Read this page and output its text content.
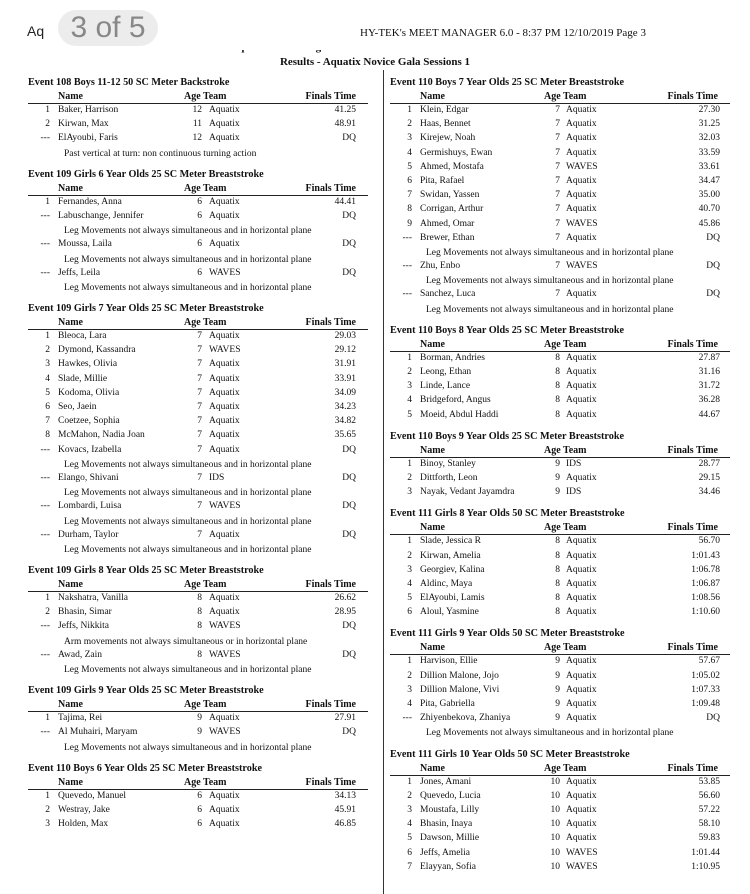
Aq 3 of 5	HY-TEK's MEET MANAGER 6.0 - 8:37 PM 12/10/2019 Page 3
Results - Aquatix Novice Gala Sessions 1
Event 108 Boys 11-12 50 SC Meter Backstroke
Name	Age Team	Finals Time
1 Baker, Harrison	12 Aquatix	41.25
2 Kirwan, Max	11 Aquatix	48.91
--- ElAyoubi, Faris	12 Aquatix	DQ
Past vertical at turn: non continuous turning action
Event 109 Girls 6 Year Olds 25 SC Meter Breaststroke
Name	Age Team	Finals Time
1 Fernandes, Anna	6 Aquatix	44.41
--- Labuschange, Jennifer	6 Aquatix	DQ
Leg Movements not always simultaneous and in horizontal plane
--- Moussa, Laila	6 Aquatix	DQ
Leg Movements not always simultaneous and in horizontal plane
--- Jeffs, Leila	6 WAVES	DQ
Leg Movements not always simultaneous and in horizontal plane
Event 109 Girls 7 Year Olds 25 SC Meter Breaststroke
Name	Age Team	Finals Time
1 Bleoca, Lara	7 Aquatix	29.03
2 Dymond, Kassandra	7 WAVES	29.12
3 Hawkes, Olivia	7 Aquatix	31.91
4 Slade, Millie	7 Aquatix	33.91
5 Kodoma, Olivia	7 Aquatix	34.09
6 Seo, Jaein	7 Aquatix	34.23
7 Coetzee, Sophia	7 Aquatix	34.82
8 McMahon, Nadia Joan	7 Aquatix	35.65
--- Kovacs, Izabella	7 Aquatix	DQ
Leg Movements not always simultaneous and in horizontal plane
--- Elango, Shivani	7 IDS	DQ
Leg Movements not always simultaneous and in horizontal plane
--- Lombardi, Luisa	7 WAVES	DQ
Leg Movements not always simultaneous and in horizontal plane
--- Durham, Taylor	7 Aquatix	DQ
Leg Movements not always simultaneous and in horizontal plane
Event 109 Girls 8 Year Olds 25 SC Meter Breaststroke
Name	Age Team	Finals Time
1 Nakshatra, Vanilla	8 Aquatix	26.62
2 Bhasin, Simar	8 Aquatix	28.95
--- Jeffs, Nikkita	8 WAVES	DQ
Arm movements not always simultaneous or in horizontal plane
--- Awad, Zain	8 WAVES	DQ
Leg Movements not always simultaneous and in horizontal plane
Event 109 Girls 9 Year Olds 25 SC Meter Breaststroke
Name	Age Team	Finals Time
1 Tajima, Rei	9 Aquatix	27.91
--- Al Muhairi, Maryam	9 WAVES	DQ
Leg Movements not always simultaneous and in horizontal plane
Event 110 Boys 6 Year Olds 25 SC Meter Breaststroke
Name	Age Team	Finals Time
1 Quevedo, Manuel	6 Aquatix	34.13
2 Westray, Jake	6 Aquatix	45.91
3 Holden, Max	6 Aquatix	46.85
Event 110 Boys 7 Year Olds 25 SC Meter Breaststroke
Name	Age Team	Finals Time
1 Klein, Edgar	7 Aquatix	27.30
2 Haas, Bennet	7 Aquatix	31.25
3 Kirejew, Noah	7 Aquatix	32.03
4 Germishuys, Ewan	7 Aquatix	33.59
5 Ahmed, Mostafa	7 WAVES	33.61
6 Pita, Rafael	7 Aquatix	34.47
7 Swidan, Yassen	7 Aquatix	35.00
8 Corrigan, Arthur	7 Aquatix	40.70
9 Ahmed, Omar	7 WAVES	45.86
--- Brewer, Ethan	7 Aquatix	DQ
Leg Movements not always simultaneous and in horizontal plane
--- Zhu, Enbo	7 WAVES	DQ
Leg Movements not always simultaneous and in horizontal plane
--- Sanchez, Luca	7 Aquatix	DQ
Leg Movements not always simultaneous and in horizontal plane
Event 110 Boys 8 Year Olds 25 SC Meter Breaststroke
Name	Age Team	Finals Time
1 Borman, Andries	8 Aquatix	27.87
2 Leong, Ethan	8 Aquatix	31.16
3 Linde, Lance	8 Aquatix	31.72
4 Bridgeford, Angus	8 Aquatix	36.28
5 Moeid, Abdul Haddi	8 Aquatix	44.67
Event 110 Boys 9 Year Olds 25 SC Meter Breaststroke
Name	Age Team	Finals Time
1 Binoy, Stanley	9 IDS	28.77
2 Dittforth, Leon	9 Aquatix	29.15
3 Nayak, Vedant Jayamdra	9 IDS	34.46
Event 111 Girls 8 Year Olds 50 SC Meter Breaststroke
Name	Age Team	Finals Time
1 Slade, Jessica R	8 Aquatix	56.70
2 Kirwan, Amelia	8 Aquatix	1:01.43
3 Georgiev, Kalina	8 Aquatix	1:06.78
4 Aldinc, Maya	8 Aquatix	1:06.87
5 ElAyoubi, Lamis	8 Aquatix	1:08.56
6 Aloul, Yasmine	8 Aquatix	1:10.60
Event 111 Girls 9 Year Olds 50 SC Meter Breaststroke
Name	Age Team	Finals Time
1 Harvison, Ellie	9 Aquatix	57.67
2 Dillion Malone, Jojo	9 Aquatix	1:05.02
3 Dillion Malone, Vivi	9 Aquatix	1:07.33
4 Pita, Gabriella	9 Aquatix	1:09.48
--- Zhiyenbekova, Zhaniya	9 Aquatix	DQ
Leg Movements not always simultaneous and in horizontal plane
Event 111 Girls 10 Year Olds 50 SC Meter Breaststroke
Name	Age Team	Finals Time
1 Jones, Amani	10 Aquatix	53.85
2 Quevedo, Lucia	10 Aquatix	56.60
3 Moustafa, Lilly	10 Aquatix	57.22
4 Bhasin, Inaya	10 Aquatix	58.10
5 Dawson, Millie	10 Aquatix	59.83
6 Jeffs, Amelia	10 WAVES	1:01.44
7 Elayyan, Sofia	10 WAVES	1:10.95
